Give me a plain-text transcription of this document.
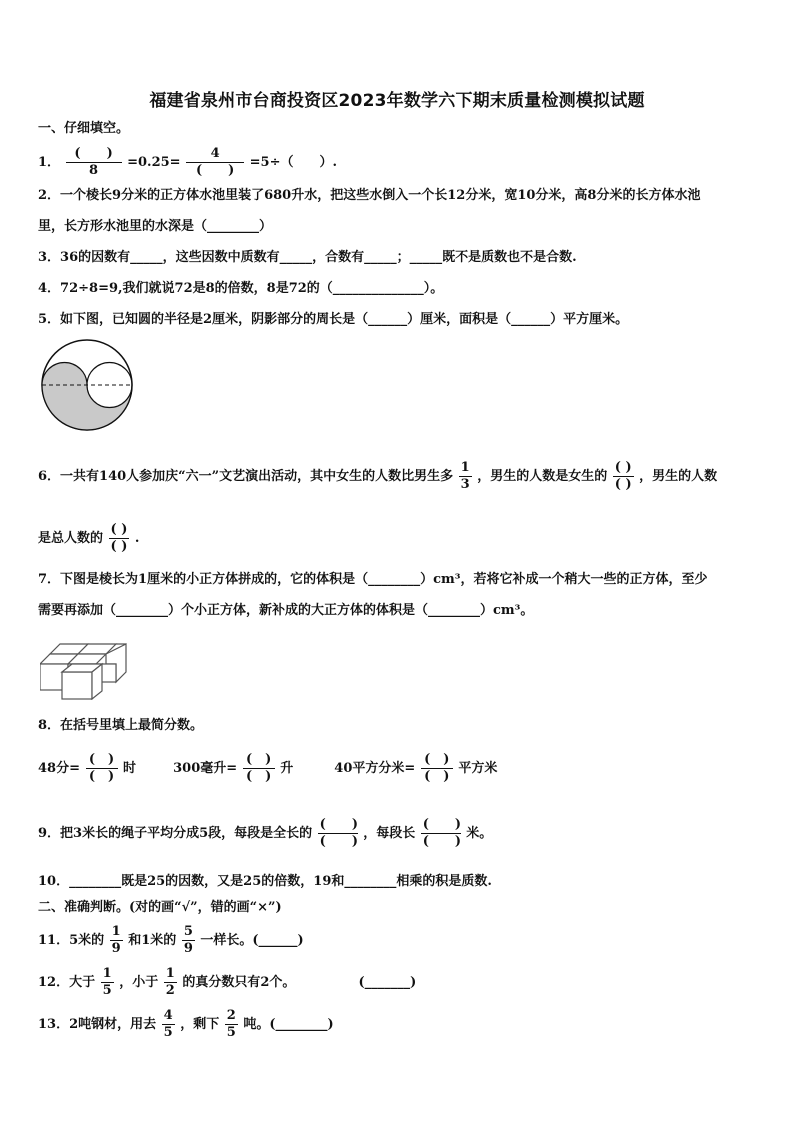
福建省泉州市台商投资区2023年数学六下期末质量检测模拟试题
一、仔细填空。
1． $\frac{( )}{8} =0.25= \frac{4}{( )} =5\div$（　　）.
2．一个棱长9分米的正方体水池里装了680升水，把这些水倒入一个长12分米，宽10分米，高8分米的长方体水池
里，长方形水池里的水深是（________）
3．36的因数有_____，这些因数中质数有_____，合数有_____；_____既不是质数也不是合数.
4．72÷8=9,我们就说72是8的倍数，8是72的（______________）。
5．如下图，已知圆的半径是2厘米，阴影部分的周长是（______）厘米，面积是（______）平方厘米。
6．一共有140人参加庆“六一”文艺演出活动，其中女生的人数比男生多 $\frac{1}{3}$ ，男生的人数是女生的 $\frac{( )}{( )}$ ，男生的人数
是总人数的 $\frac{( )}{( )}$ .
7．下图是棱长为1厘米的小正方体拼成的，它的体积是（________）cm³，若将它补成一个稍大一些的正方体，至少
需要再添加（________）个小正方体，新补成的大正方体的体积是（________）cm³。
8．在括号里填上最简分数。
48分= $\frac{( )}{( )}$ 时	300毫升= $\frac{( )}{( )}$ 升	40平方分米= $\frac{( )}{( )}$ 平方米
9．把3米长的绳子平均分成5段，每段是全长的 $\frac{( )}{( )}$ ，每段长 $\frac{( )}{( )}$ 米。
10．________既是25的因数，又是25的倍数，19和________相乘的积是质数.
二、准确判断。(对的画“√”，错的画“×”)
11．5米的 $\frac{1}{9}$ 和1米的 $\frac{5}{9}$ 一样长。(______)
12．大于 $\frac{1}{5}$ ，小于 $\frac{1}{2}$ 的真分数只有2个。	(_______)
13．2吨钢材，用去 $\frac{4}{5}$ ，剩下 $\frac{2}{5}$ 吨。(________)
